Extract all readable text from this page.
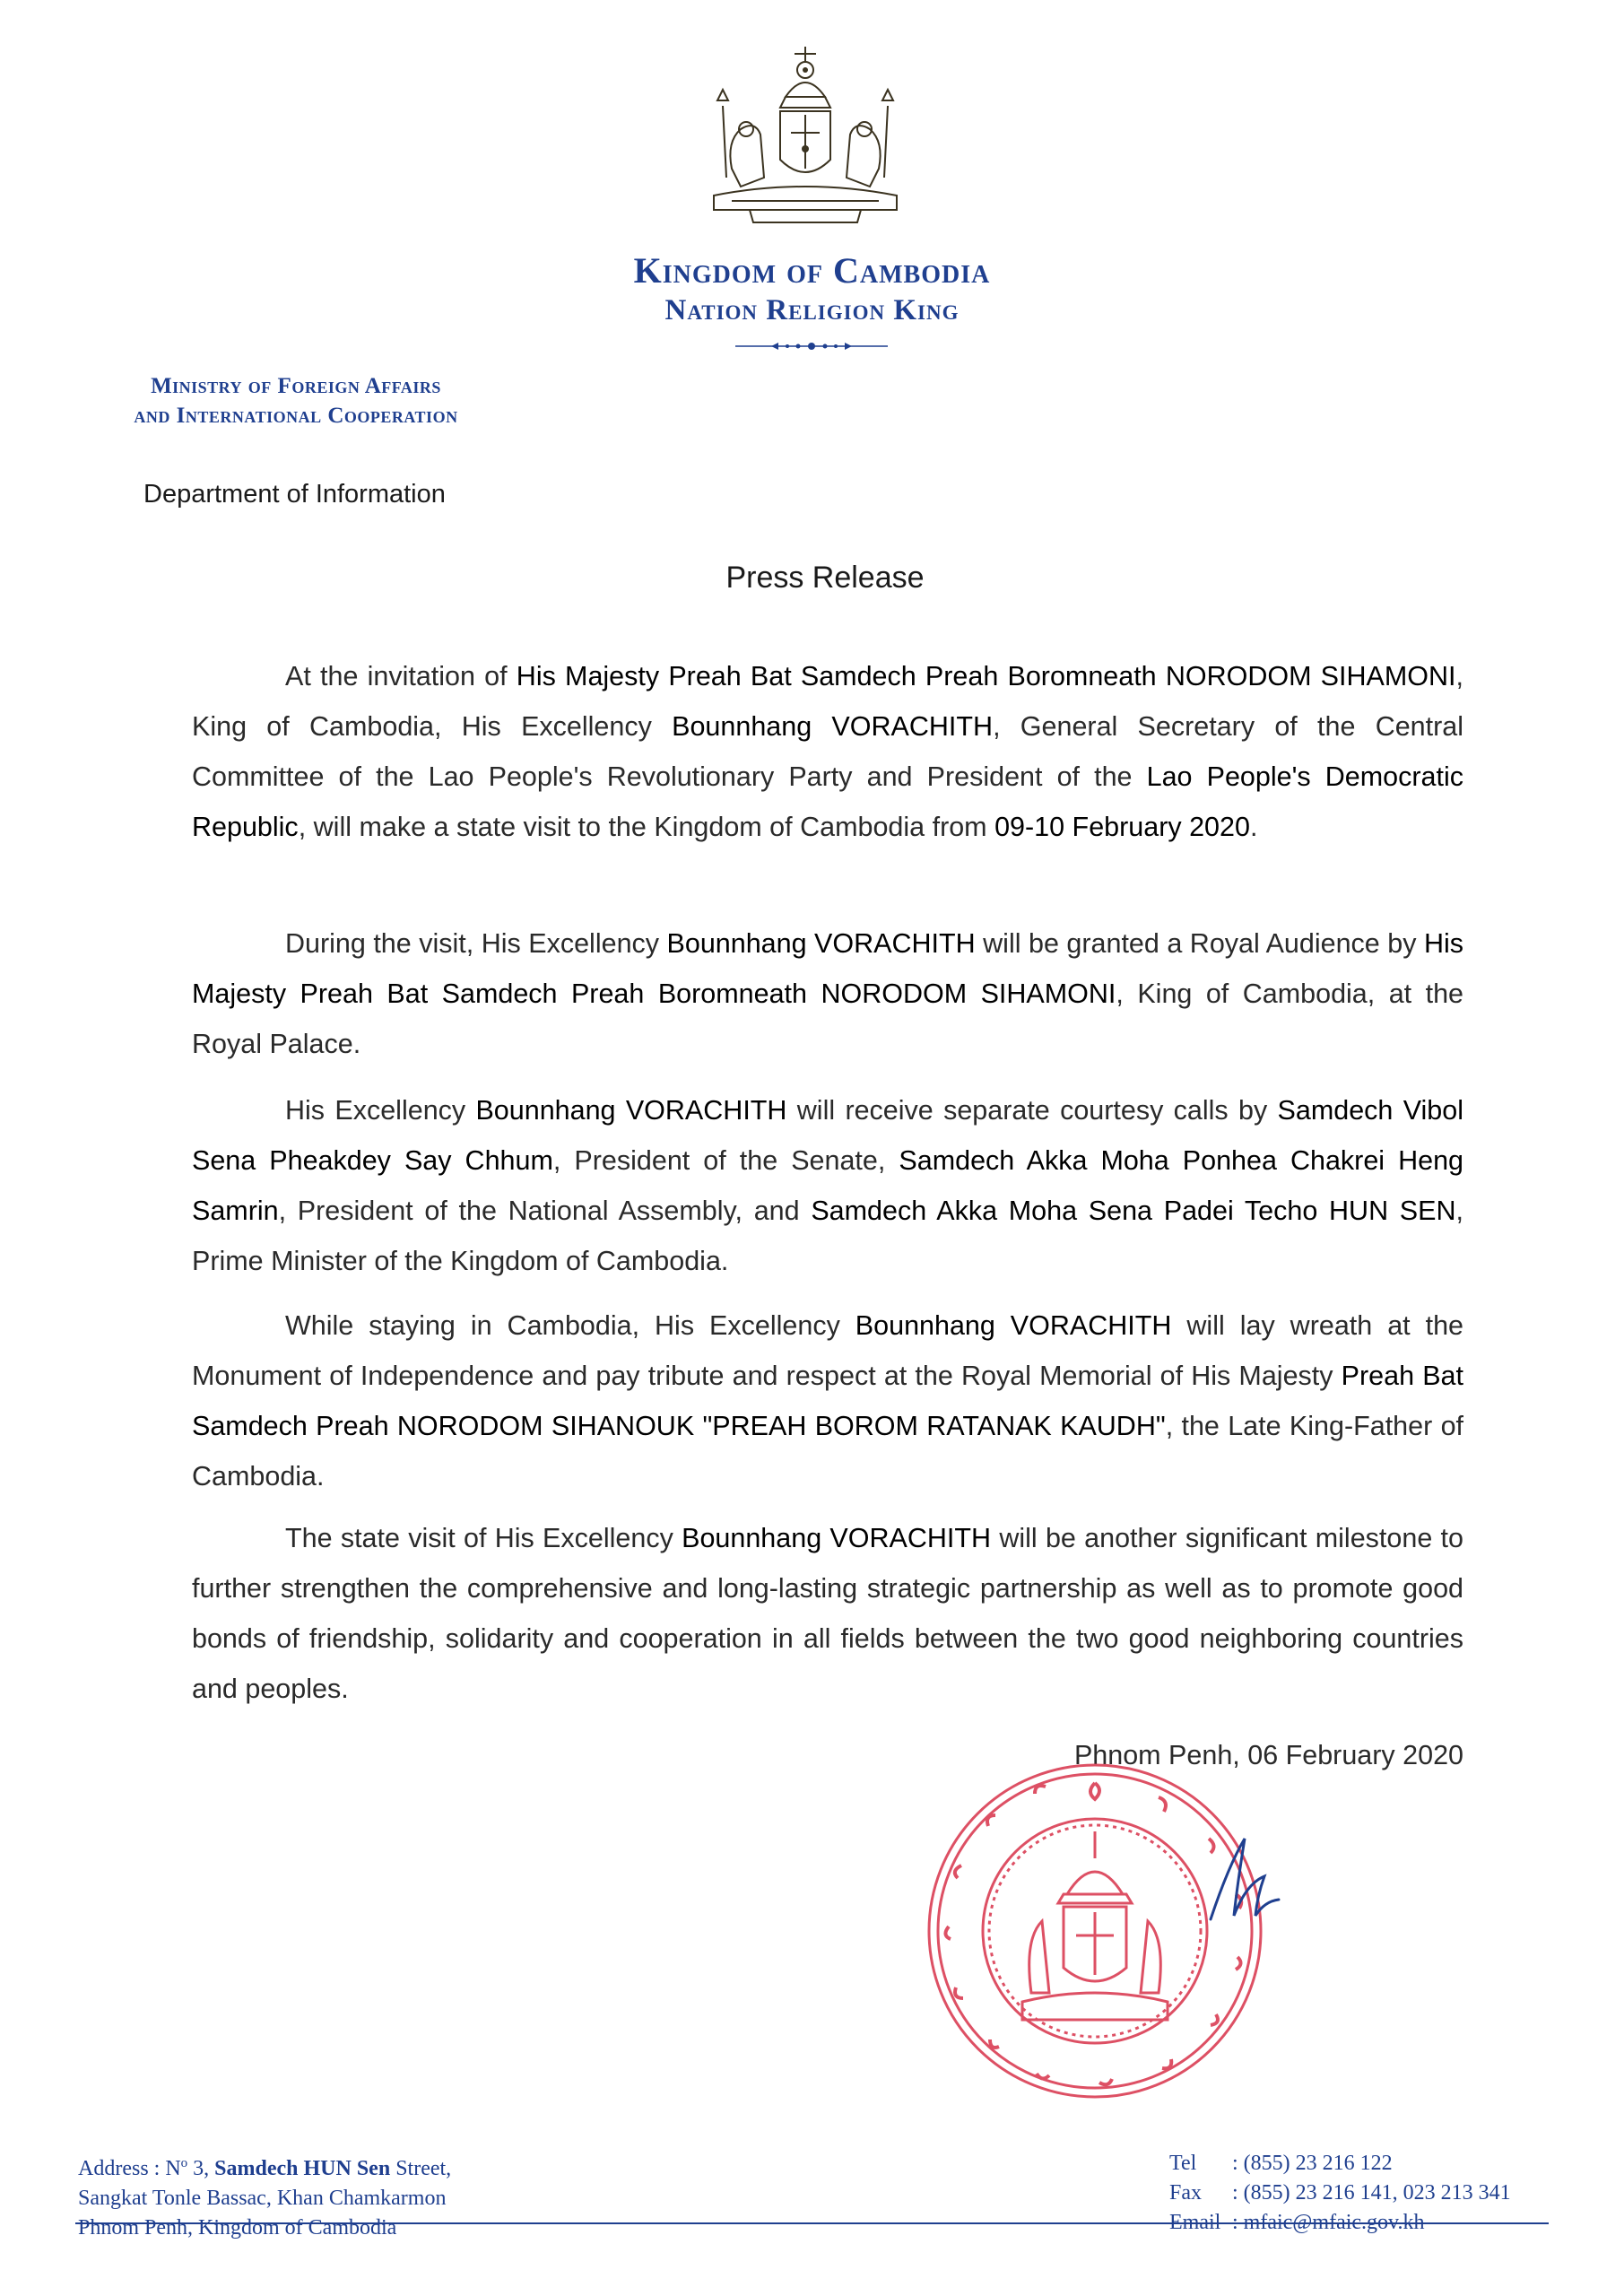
Kingdom of Cambodia
Nation Religion King
Ministry of Foreign Affairs
and International Cooperation
Department of Information
Press Release

At the invitation of His Majesty Preah Bat Samdech Preah Boromneath NORODOM SIHAMONI, King of Cambodia, His Excellency Bounnhang VORACHITH, General Secretary of the Central Committee of the Lao People's Revolutionary Party and President of the Lao People's Democratic Republic, will make a state visit to the Kingdom of Cambodia from 09-10 February 2020.

During the visit, His Excellency Bounnhang VORACHITH will be granted a Royal Audience by His Majesty Preah Bat Samdech Preah Boromneath NORODOM SIHAMONI, King of Cambodia, at the Royal Palace.

His Excellency Bounnhang VORACHITH will receive separate courtesy calls by Samdech Vibol Sena Pheakdey Say Chhum, President of the Senate, Samdech Akka Moha Ponhea Chakrei Heng Samrin, President of the National Assembly, and Samdech Akka Moha Sena Padei Techo HUN SEN, Prime Minister of the Kingdom of Cambodia.

While staying in Cambodia, His Excellency Bounnhang VORACHITH will lay wreath at the Monument of Independence and pay tribute and respect at the Royal Memorial of His Majesty Preah Bat Samdech Preah NORODOM SIHANOUK "PREAH BOROM RATANAK KAUDH", the Late King-Father of Cambodia.

The state visit of His Excellency Bounnhang VORACHITH will be another significant milestone to further strengthen the comprehensive and long-lasting strategic partnership as well as to promote good bonds of friendship, solidarity and cooperation in all fields between the two good neighboring countries and peoples.

Phnom Penh, 06 February 2020
Address : $N^o$ 3, Samdech HUN Sen Street,
Sangkat Tonle Bassac, Khan Chamkarmon
Phnom Penh, Kingdom of Cambodia
Tel : (855) 23 216 122
Fax : (855) 23 216 141, 023 213 341
Email : mfaic@mfaic.gov.kh
